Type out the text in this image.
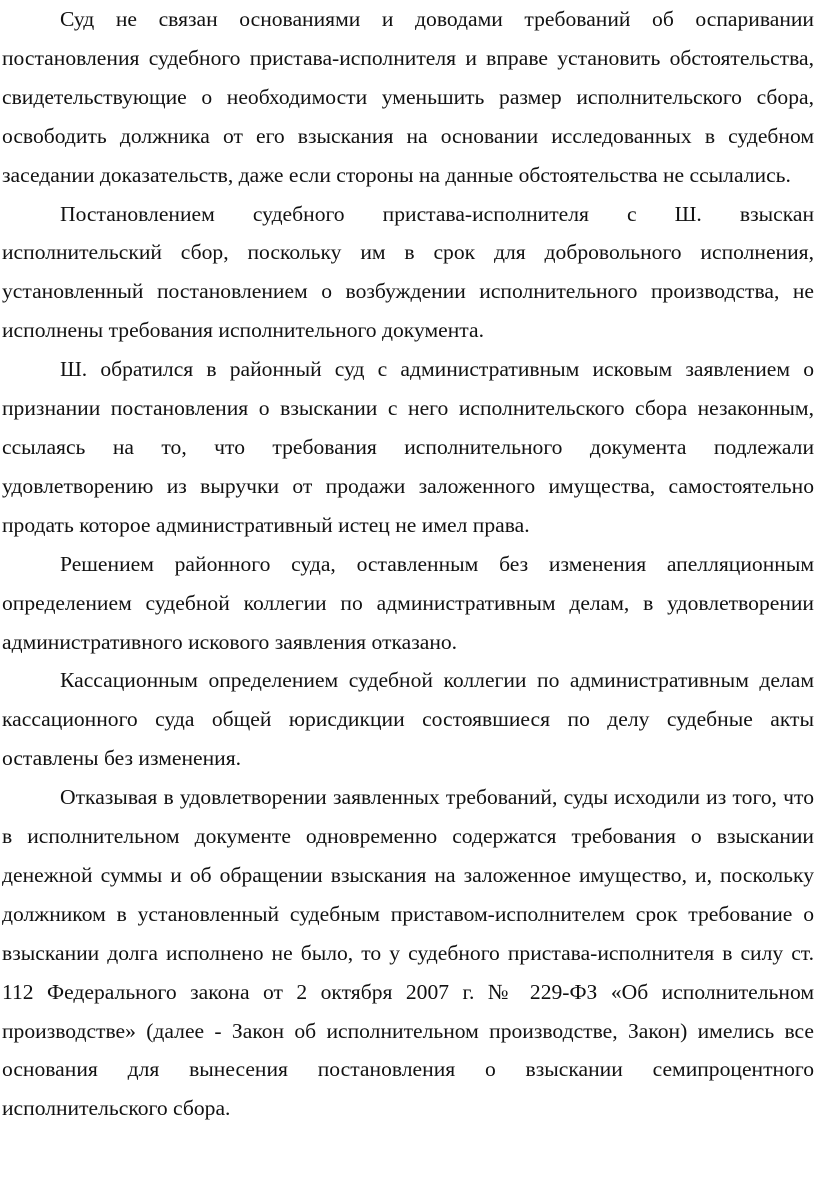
Суд не связан основаниями и доводами требований об оспаривании постановления судебного пристава-исполнителя и вправе установить обстоятельства, свидетельствующие о необходимости уменьшить размер исполнительского сбора, освободить должника от его взыскания на основании исследованных в судебном заседании доказательств, даже если стороны на данные обстоятельства не ссылались.

Постановлением судебного пристава-исполнителя с Ш. взыскан исполнительский сбор, поскольку им в срок для добровольного исполнения, установленный постановлением о возбуждении исполнительного производства, не исполнены требования исполнительного документа.

Ш. обратился в районный суд с административным исковым заявлением о признании постановления о взыскании с него исполнительского сбора незаконным, ссылаясь на то, что требования исполнительного документа подлежали удовлетворению из выручки от продажи заложенного имущества, самостоятельно продать которое административный истец не имел права.

Решением районного суда, оставленным без изменения апелляционным определением судебной коллегии по административным делам, в удовлетворении административного искового заявления отказано.

Кассационным определением судебной коллегии по административным делам кассационного суда общей юрисдикции состоявшиеся по делу судебные акты оставлены без изменения.

Отказывая в удовлетворении заявленных требований, суды исходили из того, что в исполнительном документе одновременно содержатся требования о взыскании денежной суммы и об обращении взыскания на заложенное имущество, и, поскольку должником в установленный судебным приставом-исполнителем срок требование о взыскании долга исполнено не было, то у судебного пристава-исполнителя в силу ст. 112 Федерального закона от 2 октября 2007 г. № 229-ФЗ «Об исполнительном производстве» (далее - Закон об исполнительном производстве, Закон) имелись все основания для вынесения постановления о взыскании семипроцентного исполнительского сбора.
